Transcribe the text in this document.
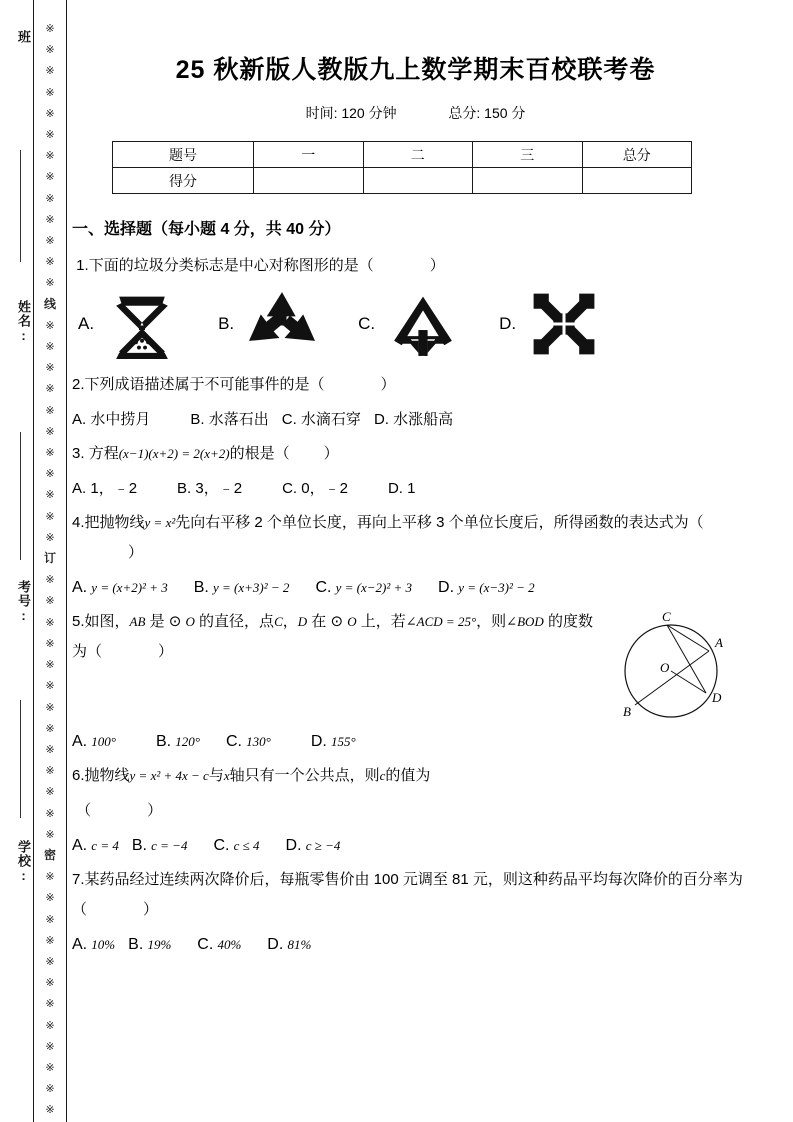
班
姓名:
考号:
学校:
※
※
※
※
※
※
※
※
※
※
※
※
※
线
※
※
※
※
※
※
※
※
※
※
※
订
※
※
※
※
※
※
※
※
※
※
※
※
※
密
※
※
※
※
※
※
※
※
※
※
※
※
25 秋新版人教版九上数学期末百校联考卷
时间: 120 分钟	总分: 150 分
题号	一	二	三	总分
得分				
一、选择题（每小题 4 分，共 40 分）
1.下面的垃圾分类标志是中心对称图形的是（	）
A.	B.	C.	D.
2.下列成语描述属于不可能事件的是（	）
A. 水中捞月	B. 水落石出 C. 水滴石穿 D. 水涨船高
3. 方程(x−1)(x+2) = 2(x+2)的根是（ ）
A. 1，﹣2	B. 3，﹣2	C. 0，﹣2	D. 1
4.把抛物线y = x²先向右平移 2 个单位长度，再向上平移 3 个单位长度后，所得函数的表达式为（）
A. y = (x+2)² + 3 B. y = (x+3)² − 2 C. y = (x−2)² + 3 D. y = (x−3)² − 2
5.如图，AB 是 ⊙ O 的直径，点C，D 在 ⊙ O 上，若∠ACD = 25°，则∠BOD 的度数为（	）
C
A
O
D
B
A. 100°	B. 120° C. 130°	D. 155°
6.抛物线y = x² + 4x − c与x轴只有一个公共点，则c的值为
（	）
A. c = 4 B. c = −4 C. c ≤ 4 D. c ≥ −4
7.某药品经过连续两次降价后，每瓶零售价由 100 元调至 81 元，则这种药品平均每次降价的百分率为（	）
A. 10% B. 19% C. 40% D. 81%
